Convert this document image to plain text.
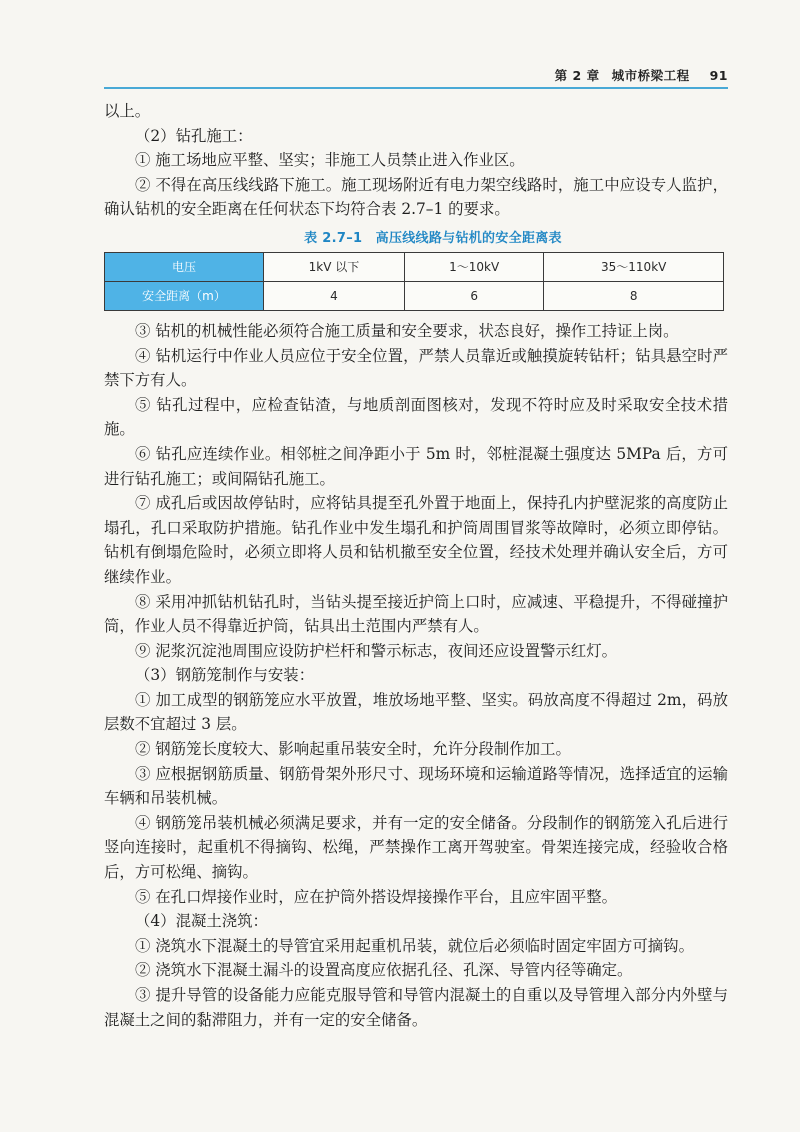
第 2 章 城市桥梁工程 91

以上。

（2）钻孔施工：

① 施工场地应平整、坚实；非施工人员禁止进入作业区。

② 不得在高压线线路下施工。施工现场附近有电力架空线路时，施工中应设专人监护，确认钻机的安全距离在任何状态下均符合表 2.7–1 的要求。

表 2.7–1　高压线线路与钻机的安全距离表
电压	1kV 以下	1～10kV	35～110kV
安全距离（m）	4	6	8

③ 钻机的机械性能必须符合施工质量和安全要求，状态良好，操作工持证上岗。

④ 钻机运行中作业人员应位于安全位置，严禁人员靠近或触摸旋转钻杆；钻具悬空时严禁下方有人。

⑤ 钻孔过程中，应检查钻渣，与地质剖面图核对，发现不符时应及时采取安全技术措施。

⑥ 钻孔应连续作业。相邻桩之间净距小于 5m 时，邻桩混凝土强度达 5MPa 后，方可进行钻孔施工；或间隔钻孔施工。

⑦ 成孔后或因故停钻时，应将钻具提至孔外置于地面上，保持孔内护壁泥浆的高度防止塌孔，孔口采取防护措施。钻孔作业中发生塌孔和护筒周围冒浆等故障时，必须立即停钻。钻机有倒塌危险时，必须立即将人员和钻机撤至安全位置，经技术处理并确认安全后，方可继续作业。

⑧ 采用冲抓钻机钻孔时，当钻头提至接近护筒上口时，应减速、平稳提升，不得碰撞护筒，作业人员不得靠近护筒，钻具出土范围内严禁有人。

⑨ 泥浆沉淀池周围应设防护栏杆和警示标志，夜间还应设置警示红灯。

（3）钢筋笼制作与安装：

① 加工成型的钢筋笼应水平放置，堆放场地平整、坚实。码放高度不得超过 2m，码放层数不宜超过 3 层。

② 钢筋笼长度较大、影响起重吊装安全时，允许分段制作加工。

③ 应根据钢筋质量、钢筋骨架外形尺寸、现场环境和运输道路等情况，选择适宜的运输车辆和吊装机械。

④ 钢筋笼吊装机械必须满足要求，并有一定的安全储备。分段制作的钢筋笼入孔后进行竖向连接时，起重机不得摘钩、松绳，严禁操作工离开驾驶室。骨架连接完成，经验收合格后，方可松绳、摘钩。

⑤ 在孔口焊接作业时，应在护筒外搭设焊接操作平台，且应牢固平整。

（4）混凝土浇筑：

① 浇筑水下混凝土的导管宜采用起重机吊装，就位后必须临时固定牢固方可摘钩。

② 浇筑水下混凝土漏斗的设置高度应依据孔径、孔深、导管内径等确定。

③ 提升导管的设备能力应能克服导管和导管内混凝土的自重以及导管埋入部分内外壁与混凝土之间的黏滞阻力，并有一定的安全储备。
